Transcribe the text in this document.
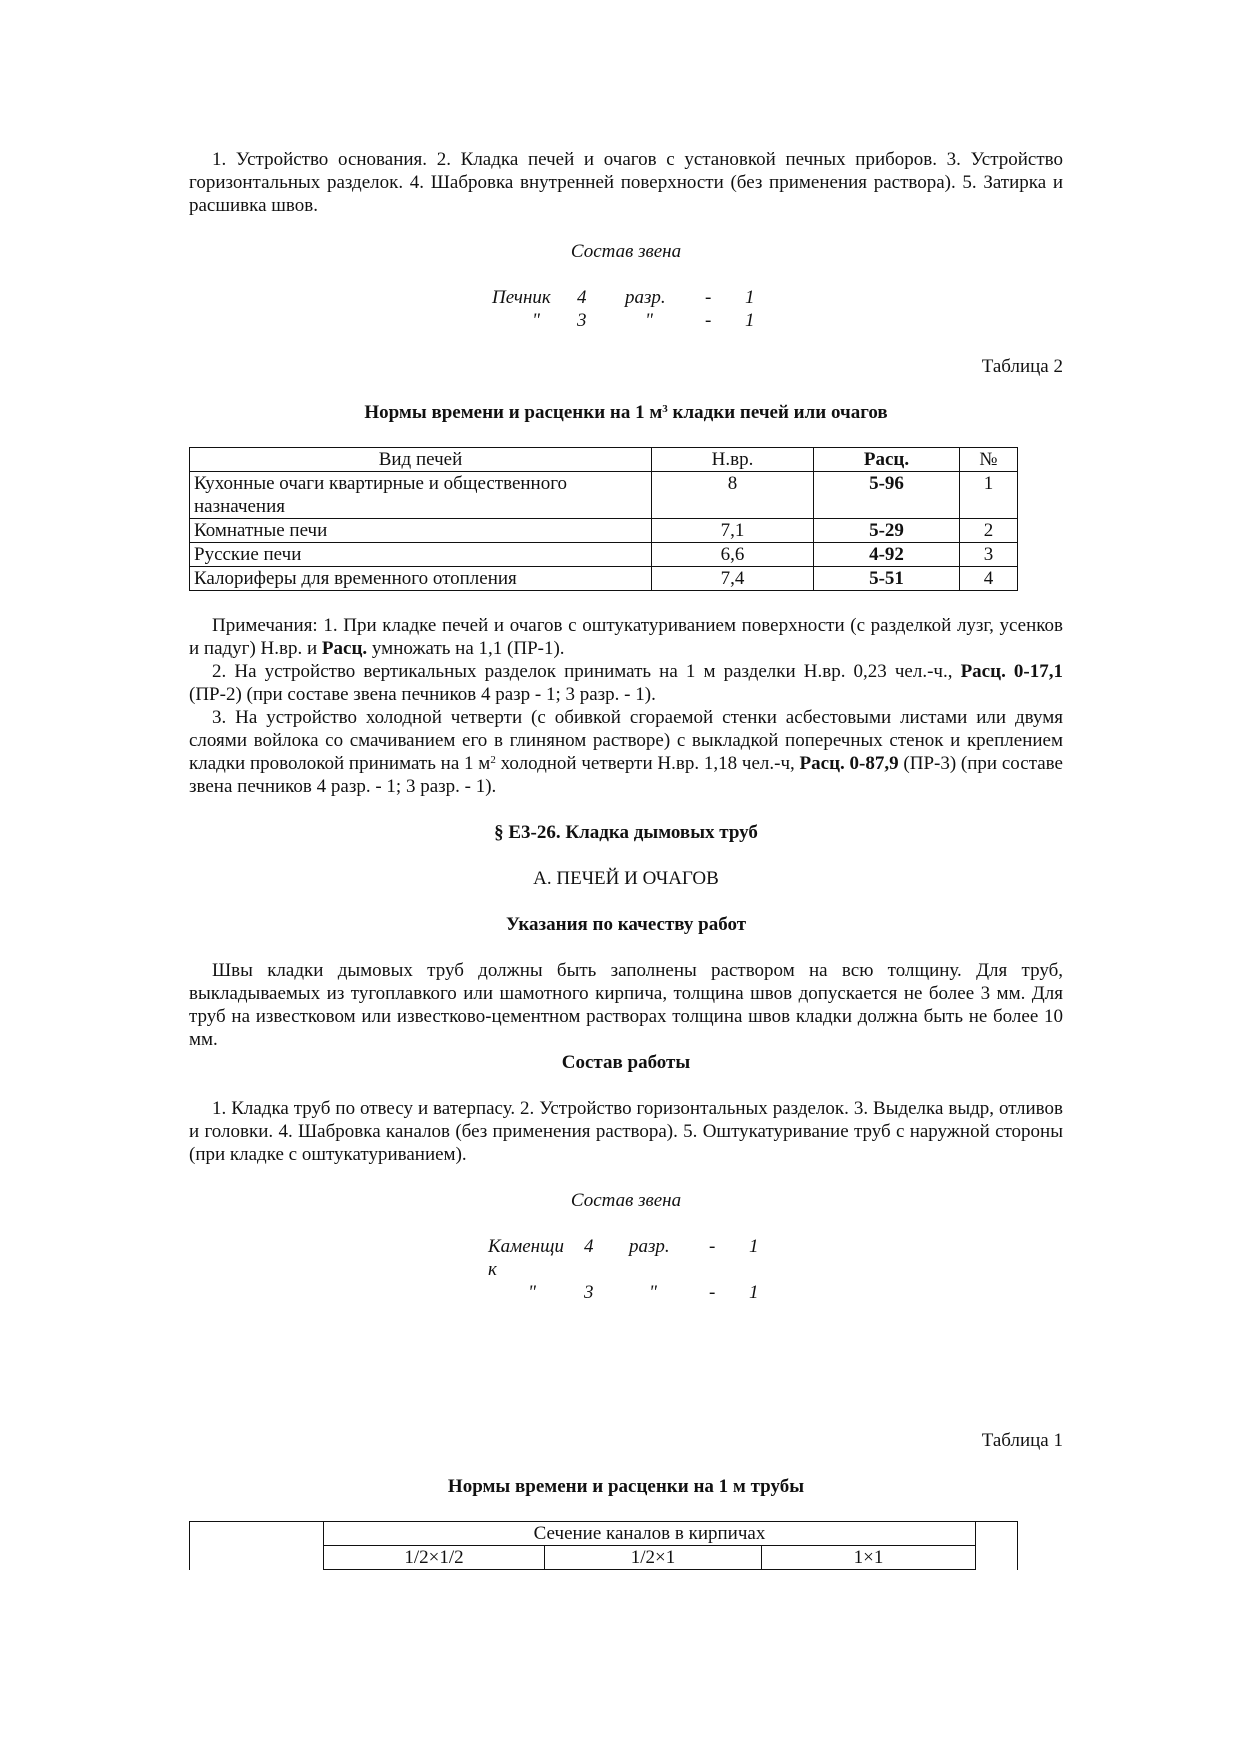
1. Устройство основания. 2. Кладка печей и очагов с установкой печных приборов. 3. Устройство горизонтальных разделок. 4. Шабровка внутренней поверхности (без применения раствора). 5. Затирка и расшивка швов.

Состав звена

Печник	4	разр.	-	1
"	3	"	-	1

Таблица 2

Нормы времени и расценки на 1 $м^3$ кладки печей или очагов

Вид печей	Н.вр.	Расц.	№
Кухонные очаги квартирные и общественного назначения	8	5-96	1
Комнатные печи	7,1	5-29	2
Русские печи	6,6	4-92	3
Калориферы для временного отопления	7,4	5-51	4

Примечания: 1. При кладке печей и очагов с оштукатуриванием поверхности (с разделкой лузг, усенков и падуг) Н.вр. и Расц. умножать на 1,1 (ПР-1).

2. На устройство вертикальных разделок принимать на 1 м разделки Н.вр. 0,23 чел.-ч., Расц. 0-17,1 (ПР-2) (при составе звена печников 4 разр - 1; 3 разр. - 1).

3. На устройство холодной четверти (с обивкой сгораемой стенки асбестовыми листами или двумя слоями войлока со смачиванием его в глиняном растворе) с выкладкой поперечных стенок и креплением кладки проволокой принимать на 1 $м^2$ холодной четверти Н.вр. 1,18 чел.-ч, Расц. 0-87,9 (ПР-3) (при составе звена печников 4 разр. - 1; 3 разр. - 1).

§ Е3-26. Кладка дымовых труб

А. ПЕЧЕЙ И ОЧАГОВ

Указания по качеству работ

Швы кладки дымовых труб должны быть заполнены раствором на всю толщину. Для труб, выкладываемых из тугоплавкого или шамотного кирпича, толщина швов допускается не более 3 мм. Для труб на известковом или известково-цементном растворах толщина швов кладки должна быть не более 10 мм.

Состав работы

1. Кладка труб по отвесу и ватерпасу. 2. Устройство горизонтальных разделок. 3. Выделка выдр, отливов и головки. 4. Шабровка каналов (без применения раствора). 5. Оштукатуривание труб с наружной стороны (при кладке с оштукатуриванием).

Состав звена

Каменщи к	4	разр.	-	1
"	3	"	-	1

Таблица 1

Нормы времени и расценки на 1 м трубы

	Сечение каналов в кирпичах			
	1/2×1/2	1/2×1	1×1	
